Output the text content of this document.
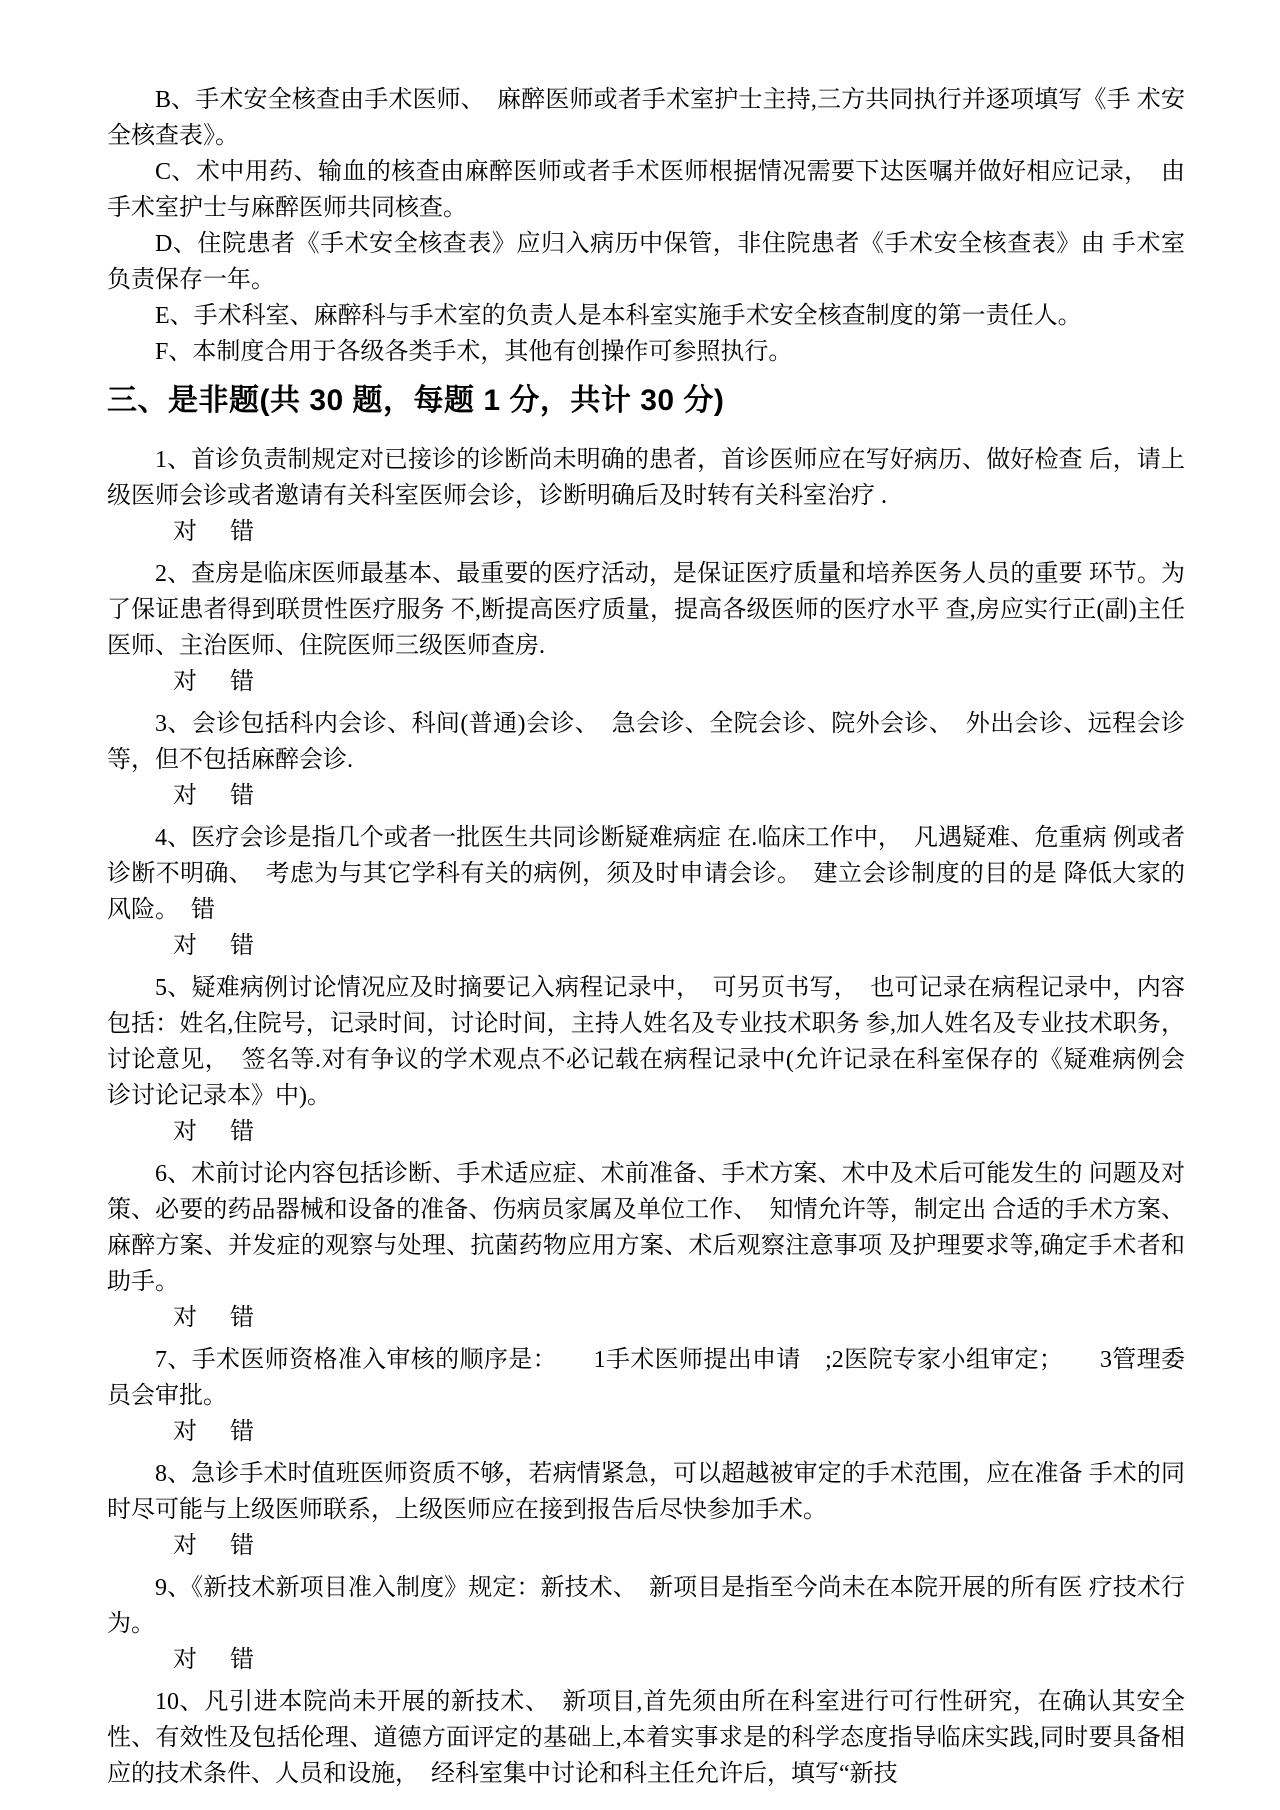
B、手术安全核查由手术医师、　麻醉医师或者手术室护士主持,三方共同执行并逐项填写《手 术安全核查表》。

C、术中用药、输血的核查由麻醉医师或者手术医师根据情况需要下达医嘱并做好相应记录，　由手术室护士与麻醉医师共同核查。

D、住院患者《手术安全核查表》应归入病历中保管，非住院患者《手术安全核查表》由 手术室负责保存一年。

E、手术科室、麻醉科与手术室的负责人是本科室实施手术安全核查制度的第一责任人。

F、本制度合用于各级各类手术，其他有创操作可参照执行。

三、是非题(共 30 题，每题 1 分，共计 30 分)

1、首诊负责制规定对已接诊的诊断尚未明确的患者，首诊医师应在写好病历、做好检查 后，请上级医师会诊或者邀请有关科室医师会诊，诊断明确后及时转有关科室治疗 .

对 错

2、查房是临床医师最基本、最重要的医疗活动，是保证医疗质量和培养医务人员的重要 环节。为了保证患者得到联贯性医疗服务 不,断提高医疗质量，提高各级医师的医疗水平 查,房应实行正(副)主任医师、主治医师、住院医师三级医师查房.

对 错

3、会诊包括科内会诊、科间(普通)会诊、　急会诊、全院会诊、院外会诊、　外出会诊、远程会诊等，但不包括麻醉会诊.

对 错

4、医疗会诊是指几个或者一批医生共同诊断疑难病症 在.临床工作中，　凡遇疑难、危重病 例或者诊断不明确、　考虑为与其它学科有关的病例，须及时申请会诊。　建立会诊制度的目的是 降低大家的风险。　错

对 错

5、疑难病例讨论情况应及时摘要记入病程记录中，　可另页书写，　也可记录在病程记录中，内容包括：姓名,住院号，记录时间，讨论时间，主持人姓名及专业技术职务 参,加人姓名及专业技术职务，讨论意见，　签名等.对有争议的学术观点不必记载在病程记录中(允许记录在科室保存的《疑难病例会诊讨论记录本》中)。

对 错

6、术前讨论内容包括诊断、手术适应症、术前准备、手术方案、术中及术后可能发生的 问题及对策、必要的药品器械和设备的准备、伤病员家属及单位工作、　知情允许等，制定出 合适的手术方案、麻醉方案、并发症的观察与处理、抗菌药物应用方案、术后观察注意事项 及护理要求等,确定手术者和助手。

对 错

7、手术医师资格准入审核的顺序是：　　1手术医师提出申请　;2医院专家小组审定；　　3管理委员会审批。

对 错

8、急诊手术时值班医师资质不够，若病情紧急，可以超越被审定的手术范围，应在准备 手术的同时尽可能与上级医师联系，上级医师应在接到报告后尽快参加手术。

对 错

9、《新技术新项目准入制度》规定：新技术、　新项目是指至今尚未在本院开展的所有医 疗技术行为。

对 错

10、凡引进本院尚未开展的新技术、　新项目,首先须由所在科室进行可行性研究，在确认其安全性、有效性及包括伦理、道德方面评定的基础上,本着实事求是的科学态度指导临床实践,同时要具备相应的技术条件、人员和设施，　经科室集中讨论和科主任允许后，填写“新技
